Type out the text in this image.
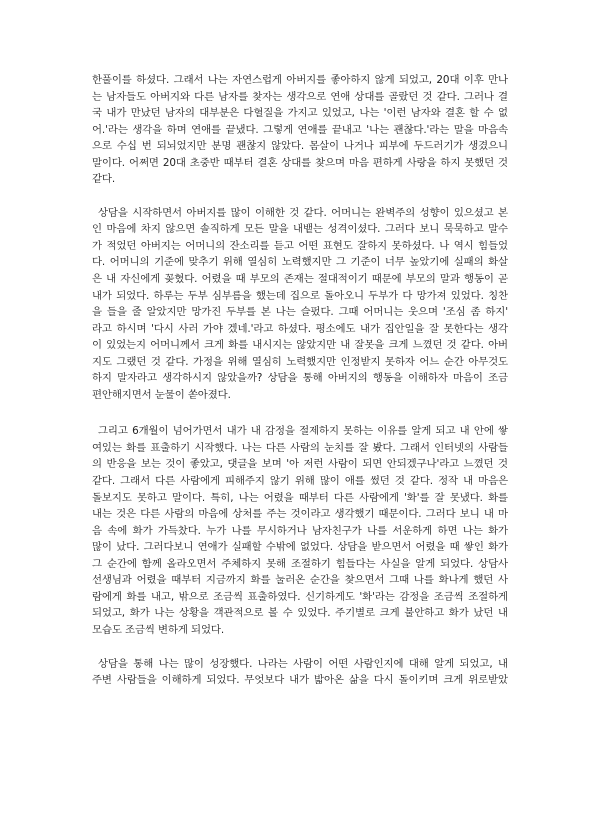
한풀이를 하셨다. 그래서 나는 자연스럽게 아버지를 좋아하지 않게 되었고, 20대 이후 만나
는 남자들도 아버지와 다른 남자를 찾자는 생각으로 연애 상대를 골랐던 것 같다. 그러나 결
국 내가 만났던 남자의 대부분은 다혈질을 가지고 있었고, 나는 '이런 남자와 결혼 할 수 없
어.'라는 생각을 하며 연애를 끝냈다. 그렇게 연애를 끝내고 '나는 괜찮다.'라는 말을 마음속
으로 수십 번 되뇌었지만 분명 괜찮지 않았다. 몸살이 나거나 피부에 두드러기가 생겼으니
말이다. 어쩌면 20대 초중반 때부터 결혼 상대를 찾으며 마음 편하게 사랑을 하지 못했던 것
같다.
상담을 시작하면서 아버지를 많이 이해한 것 같다. 어머니는 완벽주의 성향이 있으셨고 본
인 마음에 차지 않으면 솔직하게 모든 말을 내뱉는 성격이셨다. 그러다 보니 묵묵하고 말수
가 적었던 아버지는 어머니의 잔소리를 듣고 어떤 표현도 잘하지 못하셨다. 나 역시 힘들었
다. 어머니의 기준에 맞추기 위해 열심히 노력했지만 그 기준이 너무 높았기에 실패의 화살
은 내 자신에게 꽂혔다. 어렸을 때 부모의 존재는 절대적이기 때문에 부모의 말과 행동이 곧
내가 되었다. 하루는 두부 심부름을 했는데 집으로 돌아오니 두부가 다 망가져 있었다. 칭찬
을 들을 줄 알았지만 망가진 두부를 본 나는 슬펐다. 그때 어머니는 웃으며 '조심 좀 하지'
라고 하시며 '다시 사러 가야 겠네.'라고 하셨다. 평소에도 내가 집안일을 잘 못한다는 생각
이 있었는지 어머니께서 크게 화를 내시지는 않았지만 내 잘못을 크게 느꼈던 것 같다. 아버
지도 그랬던 것 같다. 가정을 위해 열심히 노력했지만 인정받지 못하자 어느 순간 아무것도
하지 말자라고 생각하시지 않았을까? 상담을 통해 아버지의 행동을 이해하자 마음이 조금
편안해지면서 눈물이 쏟아졌다.
그리고 6개월이 넘어가면서 내가 내 감정을 절제하지 못하는 이유를 알게 되고 내 안에 쌓
여있는 화를 표출하기 시작했다. 나는 다른 사람의 눈치를 잘 봤다. 그래서 인터넷의 사람들
의 반응을 보는 것이 좋았고, 댓글을 보며 '아 저런 사람이 되면 안되겠구나'라고 느꼈던 것
같다. 그래서 다른 사람에게 피해주지 않기 위해 많이 애를 썼던 것 같다. 정작 내 마음은
돌보지도 못하고 말이다. 특히, 나는 어렸을 때부터 다른 사람에게 '화'를 잘 못냈다. 화를
내는 것은 다른 사람의 마음에 상처를 주는 것이라고 생각했기 때문이다. 그러다 보니 내 마
음 속에 화가 가득찼다. 누가 나를 무시하거나 남자친구가 나를 서운하게 하면 나는 화가
많이 났다. 그러다보니 연애가 실패할 수밖에 없었다. 상담을 받으면서 어렸을 때 쌓인 화가
그 순간에 함께 올라오면서 주체하지 못해 조절하기 힘들다는 사실을 알게 되었다. 상담사
선생님과 어렸을 때부터 지금까지 화를 눌러온 순간을 찾으면서 그때 나를 화나게 했던 사
람에게 화를 내고, 밖으로 조금씩 표출하였다. 신기하게도 '화'라는 감정을 조금씩 조절하게
되었고, 화가 나는 상황을 객관적으로 볼 수 있었다. 주기별로 크게 불안하고 화가 났던 내
모습도 조금씩 변하게 되었다.
상담을 통해 나는 많이 성장했다. 나라는 사람이 어떤 사람인지에 대해 알게 되었고, 내
주변 사람들을 이해하게 되었다. 무엇보다 내가 밟아온 삶을 다시 돌이키며 크게 위로받았
